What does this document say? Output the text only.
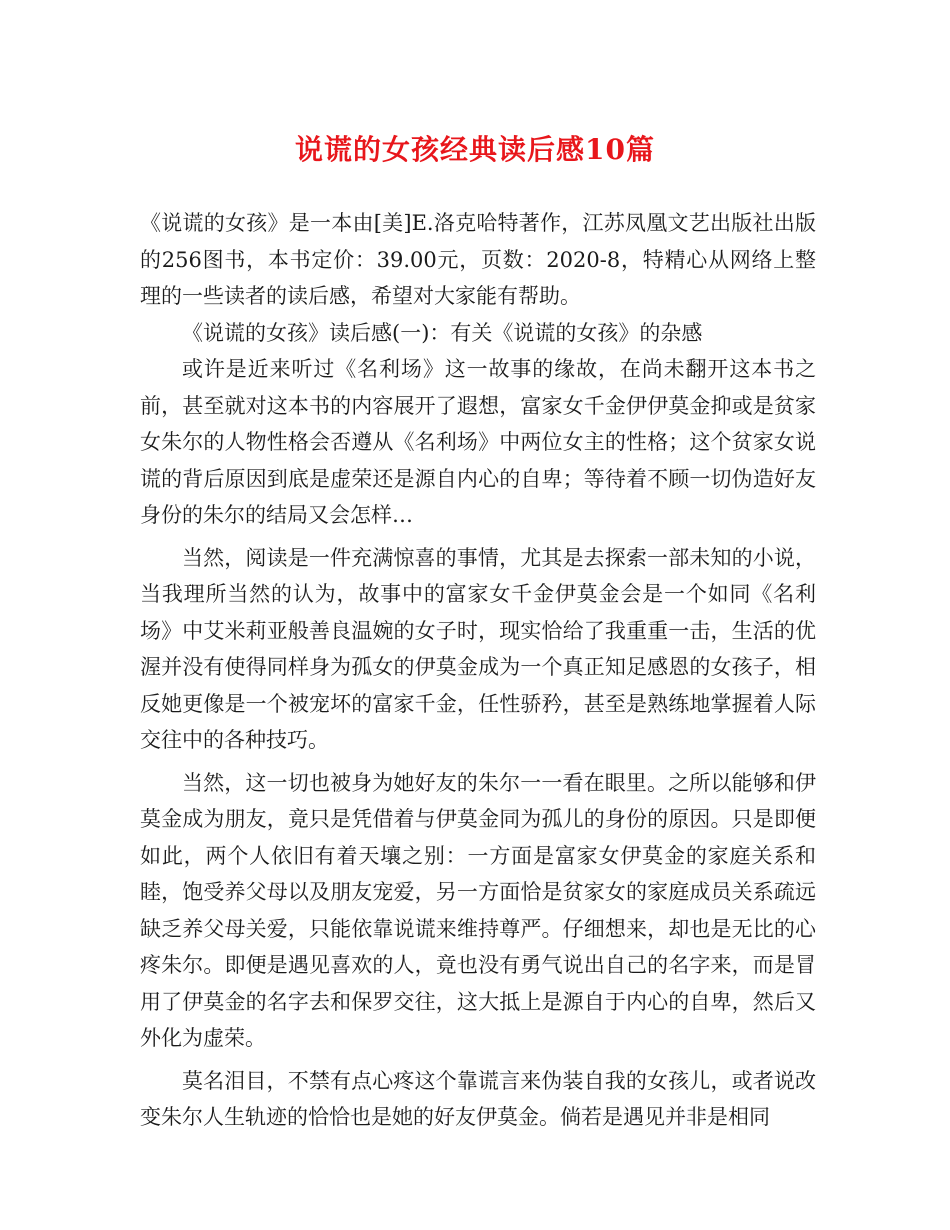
说谎的女孩经典读后感10篇

《说谎的女孩》是一本由[美]E.洛克哈特著作，江苏凤凰文艺出版社出版的256图书，本书定价：39.00元，页数：2020-8，特精心从网络上整理的一些读者的读后感，希望对大家能有帮助。

《说谎的女孩》读后感(一)：有关《说谎的女孩》的杂感

或许是近来听过《名利场》这一故事的缘故，在尚未翻开这本书之前，甚至就对这本书的内容展开了遐想，富家女千金伊伊莫金抑或是贫家女朱尔的人物性格会否遵从《名利场》中两位女主的性格；这个贫家女说谎的背后原因到底是虚荣还是源自内心的自卑；等待着不顾一切伪造好友身份的朱尔的结局又会怎样…

当然，阅读是一件充满惊喜的事情，尤其是去探索一部未知的小说，当我理所当然的认为，故事中的富家女千金伊莫金会是一个如同《名利场》中艾米莉亚般善良温婉的女子时，现实恰给了我重重一击，生活的优渥并没有使得同样身为孤女的伊莫金成为一个真正知足感恩的女孩子，相反她更像是一个被宠坏的富家千金，任性骄矜，甚至是熟练地掌握着人际交往中的各种技巧。

当然，这一切也被身为她好友的朱尔一一看在眼里。之所以能够和伊莫金成为朋友，竟只是凭借着与伊莫金同为孤儿的身份的原因。只是即便如此，两个人依旧有着天壤之别：一方面是富家女伊莫金的家庭关系和睦，饱受养父母以及朋友宠爱，另一方面恰是贫家女的家庭成员关系疏远缺乏养父母关爱，只能依靠说谎来维持尊严。仔细想来，却也是无比的心疼朱尔。即便是遇见喜欢的人，竟也没有勇气说出自己的名字来，而是冒用了伊莫金的名字去和保罗交往，这大抵上是源自于内心的自卑，然后又外化为虚荣。

莫名泪目，不禁有点心疼这个靠谎言来伪装自我的女孩儿，或者说改变朱尔人生轨迹的恰恰也是她的好友伊莫金。倘若是遇见并非是相同
